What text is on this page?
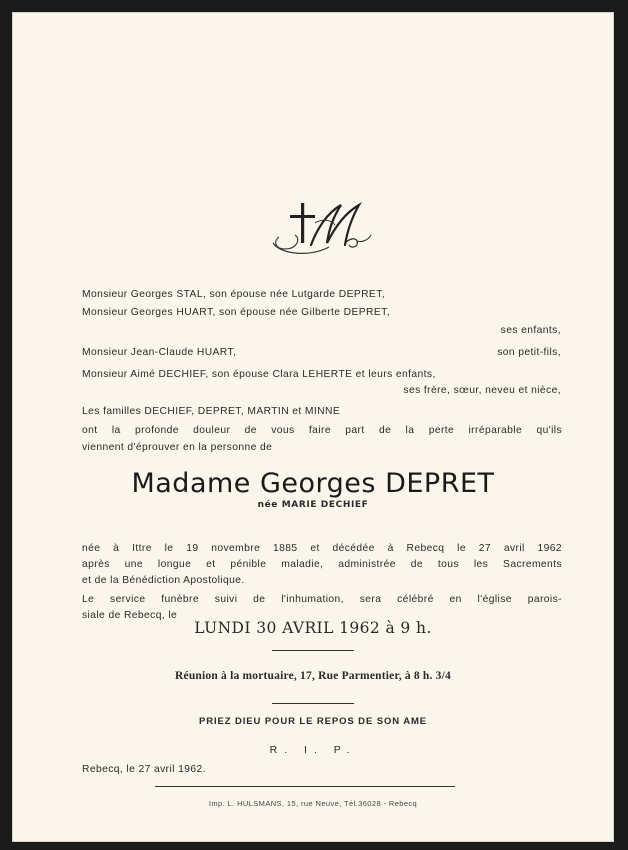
Monsieur Georges STAL, son épouse née Lutgarde DEPRET,
Monsieur Georges HUART, son épouse née Gilberte DEPRET,
ses enfants,
Monsieur Jean-Claude HUART,	son petit-fils,
Monsieur Aimé DECHIEF, son épouse Clara LEHERTE et leurs enfants,
ses frère, sœur, neveu et nièce,
Les familles DECHIEF, DEPRET, MARTIN et MINNE
ont la profonde douleur de vous faire part de la perte irréparable qu'ils
viennent d'éprouver en la personne de
Madame Georges DEPRET
née MARIE DECHIEF
née à Ittre le 19 novembre 1885 et décédée à Rebecq le 27 avril 1962
après une longue et pénible maladie, administrée de tous les Sacrements
et de la Bénédiction Apostolique.
Le service funèbre suivi de l'inhumation, sera célébré en l'église parois-
siale de Rebecq, le
LUNDI 30 AVRIL 1962 à 9 h.
Réunion à la mortuaire, 17, Rue Parmentier, à 8 h. 3/4
PRIEZ DIEU POUR LE REPOS DE SON AME
R. I. P.
Rebecq, le 27 avril 1962.
Imp. L. HULSMANS, 15, rue Neuve, Tél.36028 - Rebecq
